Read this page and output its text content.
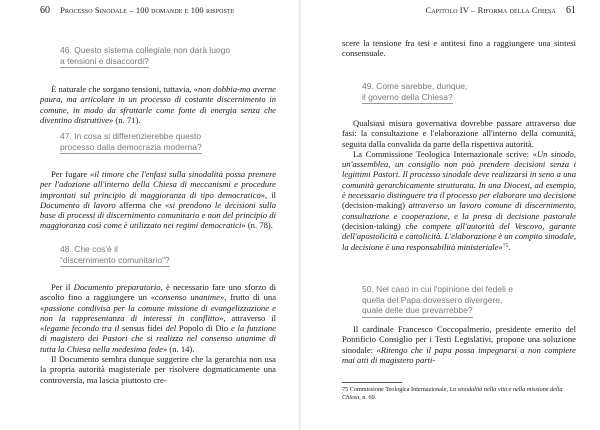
60 Processo Sinodale – 100 domande e 100 risposte
46. Questo sistema collegiale non darà luogo
a tensioni e disaccordi?

È naturale che sorgano tensioni, tuttavia, «non dobbia-mo averne paura, ma articolare in un processo di costante discernimento in comune, in modo da sfruttarle come fonte di energia senza che diventino distruttive» (n. 71).

47. In cosa si differenzierebbe questo
processo dalla democrazia moderna?

Per fugare «il timore che l'enfasi sulla sinodalità possa premere per l'adozione all'interno della Chiesa di meccanismi e procedure improntati sul principio di maggioranza di tipo democratico», il Documento di lavoro afferma che «si prendono le decisioni sulla base di processi di discernimento comunitario e non del principio di maggioranza così come è utilizzato nei regimi democratici» (n. 78).

48. Che cos'è il
“discernimento comunitario”?

Per il Documento preparatorio, è necessario fare uno sforzo di ascolto fino a raggiungere un «consenso unanime», frutto di una «passione condivisa per la comune missione di evangelizzazione e non la rappresentanza di interessi in conflitto», attraverso il «legame fecondo tra il sensus fidei del Popolo di Dio e la funzione di magistero dei Pastori che si realizza nel consenso unanime di tutta la Chiesa nella medesima fede» (n. 14).

Il Documento sembra dunque suggerire che la gerarchia non usa la propria autorità magisteriale per risolvere dogmaticamente una controversia, ma lascia piuttosto cre-

Capitolo IV – Riforma della Chiesa 61

scere la tensione fra tesi e antitesi fino a raggiungere una sintesi consensuale.

49. Come sarebbe, dunque,
il governo della Chiesa?

Qualsiasi misura governativa dovrebbe passare attraverso due fasi: la consultazione e l'elaborazione all'interno della comunità, seguita dalla convalida da parte della rispettiva autorità.

La Commissione Teologica Internazionale scrive: «Un sinodo, un'assemblea, un consiglio non può prendere decisioni senza i legittimi Pastori. Il processo sinodale deve realizzarsi in seno a una comunità gerarchicamente strutturata. In una Diocesi, ad esempio, è necessario distinguere tra il processo per elaborare una decisione (decision-making) attraverso un lavoro comune di discernimento, consultazione e cooperazione, e la presa di decisione pastorale (decision-taking) che compete all'autorità del Vescovo, garante dell'apostolicità e cattolicità. L'elaborazione è un compito sinodale, la decisione è una responsabilità ministeriale»$^{75}$.

50. Nel caso in cui l'opinione dei fedeli e
quella del Papa dovessero divergere,
quale delle due prevarrebbe?

Il cardinale Francesco Coccopalmerio, presidente emerito del Pontificio Consiglio per i Testi Legislativi, propone una soluzione sinodale: «Ritengo che il papa possa impegnarsi a non compiere mai atti di magistero parti-

75 Commissione Teologica Internazionale, La sinodalità nella vita e nella missione della Chiesa, n. 69.
